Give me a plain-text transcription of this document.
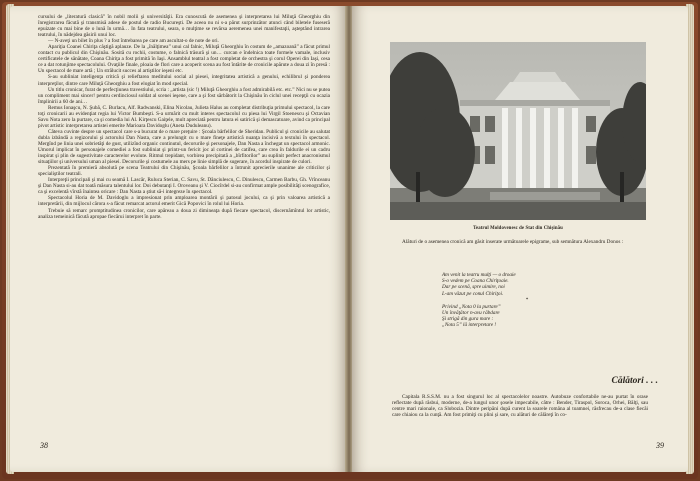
cursului de „literatură clasică” în nobil molii şi universităţii. Era cunoscută de asemenea şi interpretarea lui Miluţă Gheorghiu din înregistrarea făcută şi transmisă adese de postul de radio Bucureşti. De aceea nu ni s-a părut surprinzător atunci când biletele fuseseră epuizate cu mai bine de o lună în urmă… In fata teatrului, seara, o mulţime se revărsa aeremenea unei manifestaţii, aşteptând intrarea teatrului, în nădejdea găsirii unui loc.

— N-aveţi un bilet în plus ? a fost întrebarea pe care am ascultat-o de note de ori.

Apariţia Coanei Chiriţa câştigă aplauze. De la „înălţimea” unui cal falnic, Miluţă Gheorghiu în costum de „amazoană” a făcut primul contact cu publicul din Chişinău. Sosită cu rochii, costume, o falnică trăsură şi un… curcan e îndelnica toate formele vamale, inclusiv certificatele de sănătate, Coana Chiriţa a fost primită în Iaşi. Ansamblul teatral a fost completat de orchestra şi corul Operei din Iaşi, cesa ce a dat rotunjime spectacolului. Ovaţiile finale, ploaia de flori care a acoperit scena au fost întărite de cronicile apărute a doua zi în presă : Un spectacol de mare artă ; Un strălucit succes al artiştilor ieşeni etc.

S-au subliniat inteligenţa critică şi relieftarea meditului social al piesei, integritatea artistică a genului, echilibrul şi ponderea interpreţilor, dintre care Miluţă Gheorghiu a fost elogiat în mod special.

Un titlu cronicar, furat de perfecţiunea travestiului, scria : „artista (sic !) Miluţă Gheorghiu a fost admirabilă etc. etc.” Nici nu se putea un compliment mai sincer! pentru cerdinciosul soldat al scenei ieşene, care a şi fost sărbătorit la Chişinău în ciclul unei recepţii cu ocazia împlinirii a 60 de ani…

Remus Ionaşcu, N. Şubă, C. Burlacu, Alf. Radwanski, Elina Nicolau, Julieta Halus au completat distribuţia primului spectacol, la care toţi cronicarii au evidenţiat regia lui Victor Bumbeşti. S-a urmărit cu mult interes spectacolul cu piesa lui Virgil Stoenescu şi Octavian Savu Nota zero la purtare, ca şi comedia lui Al. Kirţescu Gaiţele, mult apreciată pentru latura ei satirică şi demascatoare, avind ca principal pivot artistic interpretarea artistei emerite Marioara Davidoglu (Aneta Duduleanu).

Câteva cuvinte despre un spectacol care s-a bucurat de o mare preţuire : Şcoala bârfelilor de Sheridan. Publicul şi cronicile au salutat dubla izbândă a regizorului şi actorului Dan Nasta, care a prelungit cu o mare fineţe artistică nuanţa incisivă a textului în spectacol. Mergînd pe linia unei sobrietăţi de gust, utilizînd organic continutul, decorurile şi personajele, Dan Nasta a închegat un spectacol armonic. Umorul implicat în personajele comediei a fost subliniat şi printr-un fericit joc al cortinei de catifea, care crea în faldurile ei un cadru inspirat şi plin de sugestivitate caracterelor evolute. Ritmul trepidant, vorbirea precipitată a „bîrfitorilor” au suplinit perfect anacronismul situaţiilor şi universului uman al piesei. Decorurile şi costumele au mers pe linie simplă de sugerare, în acordul inspirate de culori.

Prezentată în premieră absolută pe scena Teatrului din Chişinău, Şcoala bârfelilor a întrunit aprecierile unanime ale criticilor şi specialiştilor teatrali.

Interpreţii principali şi mai cu seamă I. Lascăr, Ruluca Sterian, C. Savu, St. Dănciulescu, C. Dinulescu, Carmen Barbu, Gh. Vrînceanu şi Dan Nasta si-au dat toată măsura talentului lor. Doi debutanţi I. Oroveanu şi V. Ciocîrdel si-au confirmat ample posibilităţi scenografice, ca şi excelentă vîrstă înaintea oricare : Dan Nasta a ştiut să-i integreze în spectacol.

Spectacolul Horia de M. Davidoglu a impresionat prin amploarea montării şi patosul jocului, ca şi prin valoarea artistică a interpretării, din mijlocul cărora s-a făcut remarcat actorul emerit Gică Popovici în rolul lui Horia.

Trebuie să remarc promptitudinea cronicilor, care apăreau a doua zi dimineaţa după fiecare spectacol, discernămîntul lor artistic, analiza temeinică făcută apropae fiecărui interpret în parte.

38
Teatrul Moldovenesc de Stat din Chişinău

Alături de o asemenea cronică am găsit inserate următoarele epigrame, sub semnătura Alexandru Donos :

Am venit la teatru mulţi — o droaie
S-o vedem pe Coana Chiriţoaie.
Dar pe scenă, spre uimire, noi
L-am văzut pe conul Chiriţoi.
*
Privind „Nota 0 la purtare”
Un învăţător n-avu răbdare
Şi strigă din gura mare :
„Nota 5” lă interpretare !
Călători . . .

Capitala R.S.S.M. nu a fost singurul loc al spectacolelor noastre. Autobuze confortabile ne-au purtat în orase reflectate după răsbui, moderne, de-a lungul unor şosele impecabile, către : Bender, Tiraspol, Soroca, Orhei, Bălţi, sau centre mari raionale, ca Slobozia. Dintre peripăni după curent la soarele româna al toamnei, răsfrecau de-a clase fiecăi care chiaiou ca la cunţă. Am fost primiţi cu plini şi sare, cu alături de călăreţi în co-

39
